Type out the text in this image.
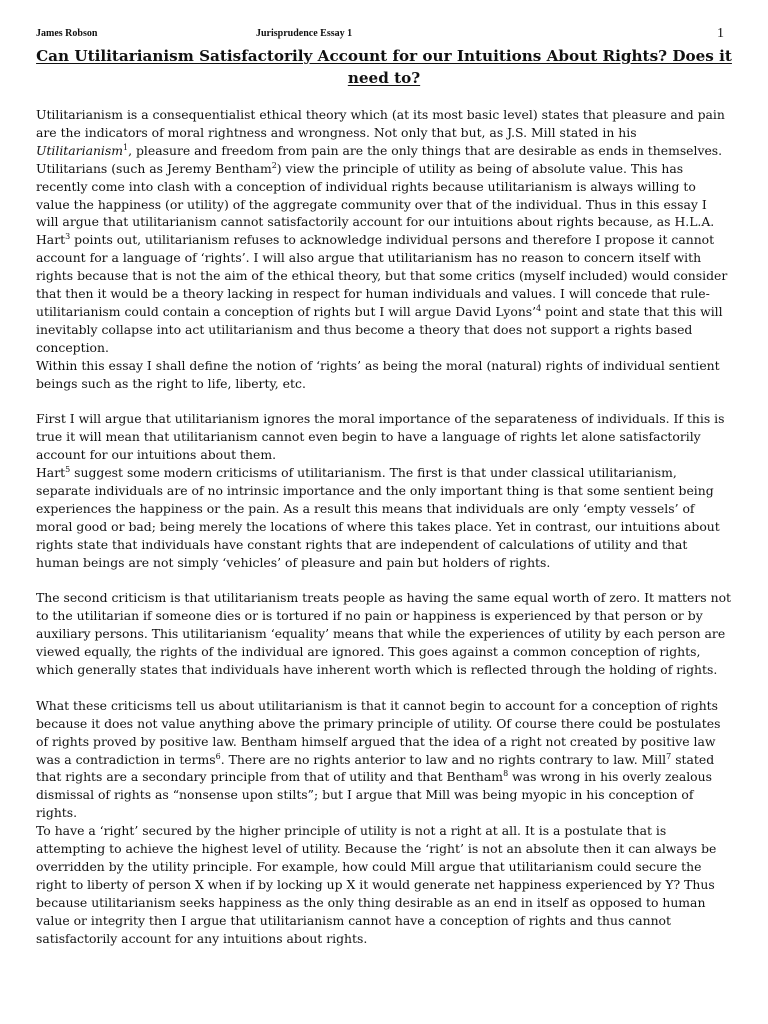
James Robson	Jurisprudence Essay 1	1
Can Utilitarianism Satisfactorily Account for our Intuitions About Rights? Does it need to?

Utilitarianism is a consequentialist ethical theory which (at its most basic level) states that pleasure and pain are the indicators of moral rightness and wrongness. Not only that but, as J.S. Mill stated in his Utilitarianism$^1$, pleasure and freedom from pain are the only things that are desirable as ends in themselves. Utilitarians (such as Jeremy Bentham$^2$) view the principle of utility as being of absolute value. This has recently come into clash with a conception of individual rights because utilitarianism is always willing to value the happiness (or utility) of the aggregate community over that of the individual. Thus in this essay I will argue that utilitarianism cannot satisfactorily account for our intuitions about rights because, as H.L.A. Hart$^3$ points out, utilitarianism refuses to acknowledge individual persons and therefore I propose it cannot account for a language of ‘rights’. I will also argue that utilitarianism has no reason to concern itself with rights because that is not the aim of the ethical theory, but that some critics (myself included) would consider that then it would be a theory lacking in respect for human individuals and values. I will concede that rule-utilitarianism could contain a conception of rights but I will argue David Lyons’$^4$ point and state that this will inevitably collapse into act utilitarianism and thus become a theory that does not support a rights based conception.

Within this essay I shall define the notion of ‘rights’ as being the moral (natural) rights of individual sentient beings such as the right to life, liberty, etc.

First I will argue that utilitarianism ignores the moral importance of the separateness of individuals. If this is true it will mean that utilitarianism cannot even begin to have a language of rights let alone satisfactorily account for our intuitions about them.

Hart$^5$ suggest some modern criticisms of utilitarianism. The first is that under classical utilitarianism, separate individuals are of no intrinsic importance and the only important thing is that some sentient being experiences the happiness or the pain. As a result this means that individuals are only ‘empty vessels’ of moral good or bad; being merely the locations of where this takes place. Yet in contrast, our intuitions about rights state that individuals have constant rights that are independent of calculations of utility and that human beings are not simply ‘vehicles’ of pleasure and pain but holders of rights.

The second criticism is that utilitarianism treats people as having the same equal worth of zero. It matters not to the utilitarian if someone dies or is tortured if no pain or happiness is experienced by that person or by auxiliary persons. This utilitarianism ‘equality’ means that while the experiences of utility by each person are viewed equally, the rights of the individual are ignored. This goes against a common conception of rights, which generally states that individuals have inherent worth which is reflected through the holding of rights.

What these criticisms tell us about utilitarianism is that it cannot begin to account for a conception of rights because it does not value anything above the primary principle of utility. Of course there could be postulates of rights proved by positive law. Bentham himself argued that the idea of a right not created by positive law was a contradiction in terms$^6$. There are no rights anterior to law and no rights contrary to law. Mill$^7$ stated that rights are a secondary principle from that of utility and that Bentham$^8$ was wrong in his overly zealous dismissal of rights as “nonsense upon stilts”; but I argue that Mill was being myopic in his conception of rights.

To have a ‘right’ secured by the higher principle of utility is not a right at all. It is a postulate that is attempting to achieve the highest level of utility. Because the ‘right’ is not an absolute then it can always be overridden by the utility principle. For example, how could Mill argue that utilitarianism could secure the right to liberty of person X when if by locking up X it would generate net happiness experienced by Y? Thus because utilitarianism seeks happiness as the only thing desirable as an end in itself as opposed to human value or integrity then I argue that utilitarianism cannot have a conception of rights and thus cannot satisfactorily account for any intuitions about rights.
